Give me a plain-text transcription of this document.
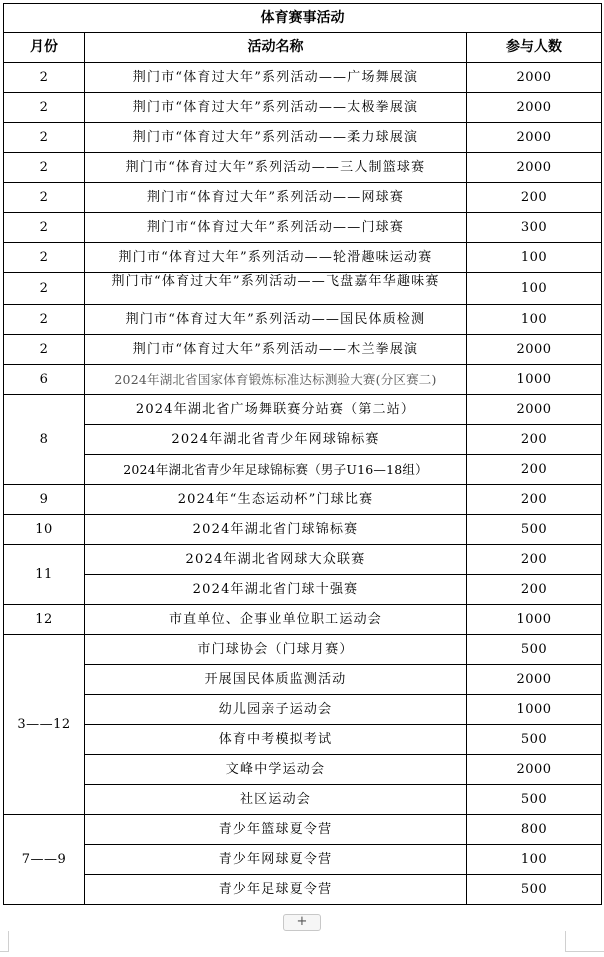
体育赛事活动		
月份	活动名称	参与人数
2	荆门市“体育过大年”系列活动——广场舞展演	2000
2	荆门市“体育过大年”系列活动——太极拳展演	2000
2	荆门市“体育过大年”系列活动——柔力球展演	2000
2	荆门市“体育过大年”系列活动——三人制篮球赛	2000
2	荆门市“体育过大年”系列活动——网球赛	200
2	荆门市“体育过大年”系列活动——门球赛	300
2	荆门市“体育过大年”系列活动——轮滑趣味运动赛	100
2	荆门市“体育过大年”系列活动——飞盘嘉年华趣味赛	100
2	荆门市“体育过大年”系列活动——国民体质检测	100
2	荆门市“体育过大年”系列活动——木兰拳展演	2000
6	2024年湖北省国家体育锻炼标准达标测验大赛(分区赛二)	1000
8	2024年湖北省广场舞联赛分站赛（第二站）	2000
	2024年湖北省青少年网球锦标赛	200
	2024年湖北省青少年足球锦标赛（男子U16—18组）	200
9	2024年“生态运动杯”门球比赛	200
10	2024年湖北省门球锦标赛	500
11	2024年湖北省网球大众联赛	200
	2024年湖北省门球十强赛	200
12	市直单位、企事业单位职工运动会	1000
3——12	市门球协会（门球月赛）	500
	开展国民体质监测活动	2000
	幼儿园亲子运动会	1000
	体育中考模拟考试	500
	文峰中学运动会	2000
	社区运动会	500
7——9	青少年篮球夏令营	800
	青少年网球夏令营	100
	青少年足球夏令营	500
+
